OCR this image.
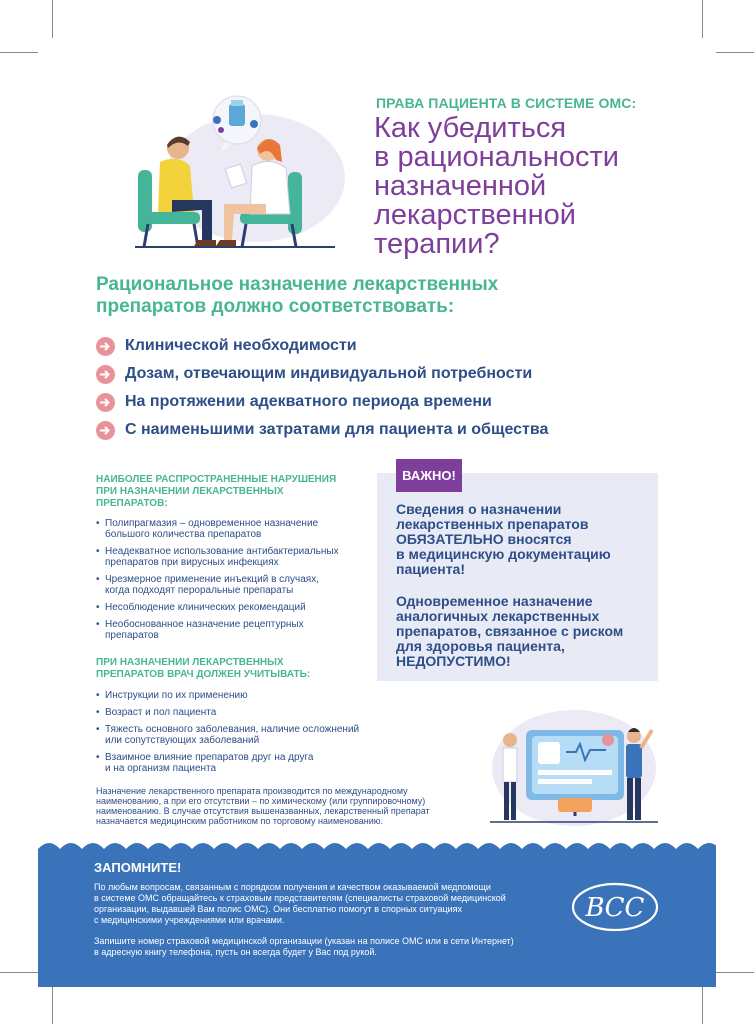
ПРАВА ПАЦИЕНТА В СИСТЕМЕ ОМС:
Как убедиться
в рациональности
назначенной
лекарственной
терапии?
Рациональное назначение лекарственных
препаратов должно соответствовать:
Клинической необходимости
Дозам, отвечающим индивидуальной потребности
На протяжении адекватного периода времени
С наименьшими затратами для пациента и общества
НАИБОЛЕЕ РАСПРОСТРАНЕННЫЕ НАРУШЕНИЯ
ПРИ НАЗНАЧЕНИИ ЛЕКАРСТВЕННЫХ
ПРЕПАРАТОВ:
• Полипрагмазия – одновременное назначение
большого количества препаратов
• Неадекватное использование антибактериальных
препаратов при вирусных инфекциях
• Чрезмерное применение инъекций в случаях,
когда подходят пероральные препараты
• Несоблюдение клинических рекомендаций
• Необоснованное назначение рецептурных
препаратов
ПРИ НАЗНАЧЕНИИ ЛЕКАРСТВЕННЫХ
ПРЕПАРАТОВ ВРАЧ ДОЛЖЕН УЧИТЫВАТЬ:
• Инструкции по их применению
• Возраст и пол пациента
• Тяжесть основного заболевания, наличие осложнений
или сопутствующих заболеваний
• Взаимное влияние препаратов друг на друга
и на организм пациента

Назначение лекарственного препарата производится по международному
наименованию, а при его отсутствии – по химическому (или группировочному)
наименованию. В случае отсутствия вышеназванных, лекарственный препарат
назначается медицинским работником по торговому наименованию.

ВАЖНО!

Сведения о назначении
лекарственных препаратов
ОБЯЗАТЕЛЬНО вносятся
в медицинскую документацию
пациента!

Одновременное назначение
аналогичных лекарственных
препаратов, связанное с риском
для здоровья пациента,
НЕДОПУСТИМО!

ЗАПОМНИТЕ!

По любым вопросам, связанным с порядком получения и качеством оказываемой медпомощи
в системе ОМС обращайтесь к страховым представителям (специалисты страховой медицинской
организации, выдавшей Вам полис ОМС). Они бесплатно помогут в спорных ситуациях
с медицинскими учреждениями или врачами.

Запишите номер страховой медицинской организации (указан на полисе ОМС или в сети Интернет)
в адресную книгу телефона, пусть он всегда будет у Вас под рукой.

ВСС
